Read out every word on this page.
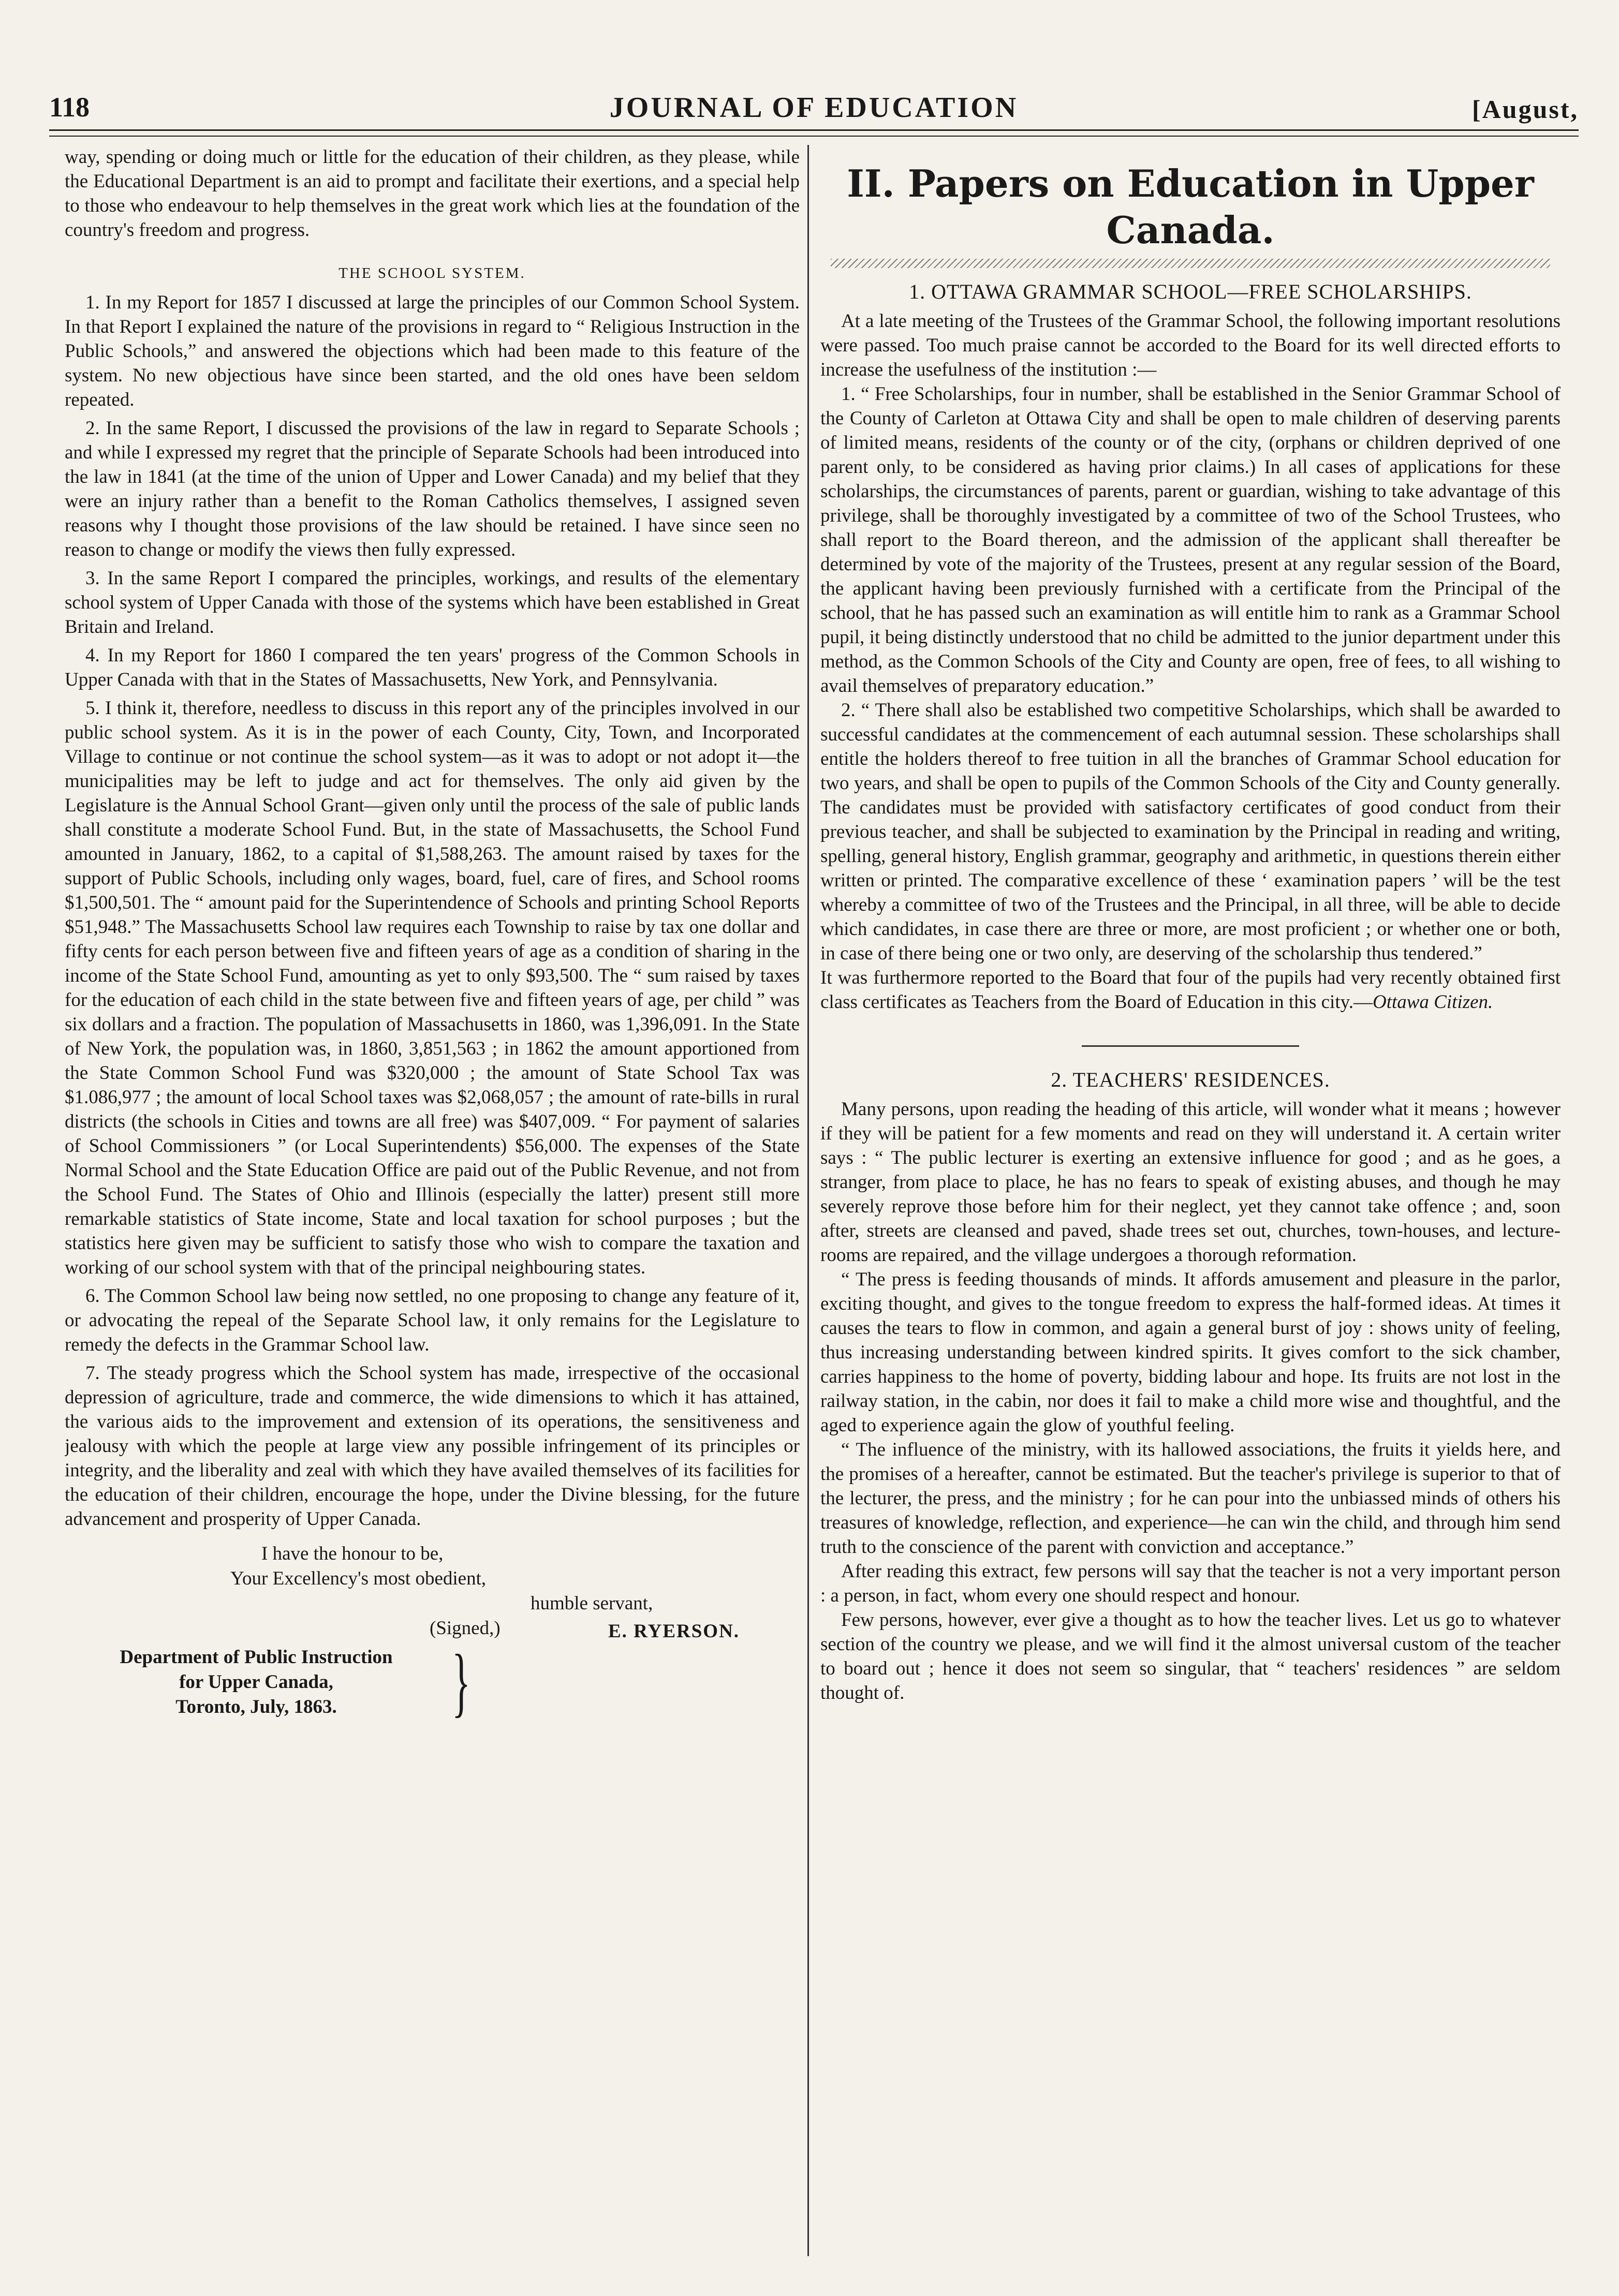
118	JOURNAL OF EDUCATION	[August,

way, spending or doing much or little for the education of their children, as they please, while the Educational Department is an aid to prompt and facilitate their exertions, and a special help to those who endeavour to help themselves in the great work which lies at the foundation of the country's freedom and progress.

THE SCHOOL SYSTEM.

1. In my Report for 1857 I discussed at large the principles of our Common School System. In that Report I explained the nature of the provisions in regard to “ Religious Instruction in the Public Schools,” and answered the objections which had been made to this feature of the system. No new objectious have since been started, and the old ones have been seldom repeated.

2. In the same Report, I discussed the provisions of the law in regard to Separate Schools ; and while I expressed my regret that the principle of Separate Schools had been introduced into the law in 1841 (at the time of the union of Upper and Lower Canada) and my belief that they were an injury rather than a benefit to the Roman Catholics themselves, I assigned seven reasons why I thought those provisions of the law should be retained. I have since seen no reason to change or modify the views then fully expressed.

3. In the same Report I compared the principles, workings, and results of the elementary school system of Upper Canada with those of the systems which have been established in Great Britain and Ireland.

4. In my Report for 1860 I compared the ten years' progress of the Common Schools in Upper Canada with that in the States of Massachusetts, New York, and Pennsylvania.

5. I think it, therefore, needless to discuss in this report any of the principles involved in our public school system. As it is in the power of each County, City, Town, and Incorporated Village to continue or not continue the school system—as it was to adopt or not adopt it—the municipalities may be left to judge and act for themselves. The only aid given by the Legislature is the Annual School Grant—given only until the process of the sale of public lands shall constitute a moderate School Fund. But, in the state of Massachusetts, the School Fund amounted in January, 1862, to a capital of $1,588,263. The amount raised by taxes for the support of Public Schools, including only wages, board, fuel, care of fires, and School rooms $1,500,501. The “ amount paid for the Superintendence of Schools and printing School Reports $51,948.” The Massachusetts School law requires each Township to raise by tax one dollar and fifty cents for each person between five and fifteen years of age as a condition of sharing in the income of the State School Fund, amounting as yet to only $93,500. The “ sum raised by taxes for the education of each child in the state between five and fifteen years of age, per child ” was six dollars and a fraction. The population of Massachusetts in 1860, was 1,396,091. In the State of New York, the population was, in 1860, 3,851,563 ; in 1862 the amount apportioned from the State Common School Fund was $320,000 ; the amount of State School Tax was $1.086,977 ; the amount of local School taxes was $2,068,057 ; the amount of rate-bills in rural districts (the schools in Cities and towns are all free) was $407,009. “ For payment of salaries of School Commissioners ” (or Local Superintendents) $56,000. The expenses of the State Normal School and the State Education Office are paid out of the Public Revenue, and not from the School Fund. The States of Ohio and Illinois (especially the latter) present still more remarkable statistics of State income, State and local taxation for school purposes ; but the statistics here given may be sufficient to satisfy those who wish to compare the taxation and working of our school system with that of the principal neighbouring states.

6. The Common School law being now settled, no one proposing to change any feature of it, or advocating the repeal of the Separate School law, it only remains for the Legislature to remedy the defects in the Grammar School law.

7. The steady progress which the School system has made, irrespective of the occasional depression of agriculture, trade and commerce, the wide dimensions to which it has attained, the various aids to the improvement and extension of its operations, the sensitiveness and jealousy with which the people at large view any possible infringement of its principles or integrity, and the liberality and zeal with which they have availed themselves of its facilities for the education of their children, encourage the hope, under the Divine blessing, for the future advancement and prosperity of Upper Canada.

I have the honour to be,
Your Excellency's most obedient,
humble servant,
(Signed,)	E. RYERSON.
Department of Public Instruction
for Upper Canada,
Toronto, July, 1863.	}
II. Papers on Education in Upper Canada.
1. OTTAWA GRAMMAR SCHOOL—FREE SCHOLARSHIPS.

At a late meeting of the Trustees of the Grammar School, the following important resolutions were passed. Too much praise cannot be accorded to the Board for its well directed efforts to increase the usefulness of the institution :—

1. “ Free Scholarships, four in number, shall be established in the Senior Grammar School of the County of Carleton at Ottawa City and shall be open to male children of deserving parents of limited means, residents of the county or of the city, (orphans or children deprived of one parent only, to be considered as having prior claims.) In all cases of applications for these scholarships, the circumstances of parents, parent or guardian, wishing to take advantage of this privilege, shall be thoroughly investigated by a committee of two of the School Trustees, who shall report to the Board thereon, and the admission of the applicant shall thereafter be determined by vote of the majority of the Trustees, present at any regular session of the Board, the applicant having been previously furnished with a certificate from the Principal of the school, that he has passed such an examination as will entitle him to rank as a Grammar School pupil, it being distinctly understood that no child be admitted to the junior department under this method, as the Common Schools of the City and County are open, free of fees, to all wishing to avail themselves of preparatory education.”

2. “ There shall also be established two competitive Scholarships, which shall be awarded to successful candidates at the commencement of each autumnal session. These scholarships shall entitle the holders thereof to free tuition in all the branches of Grammar School education for two years, and shall be open to pupils of the Common Schools of the City and County generally. The candidates must be provided with satisfactory certificates of good conduct from their previous teacher, and shall be subjected to examination by the Principal in reading and writing, spelling, general history, English grammar, geography and arithmetic, in questions therein either written or printed. The comparative excellence of these ‘ examination papers ’ will be the test whereby a committee of two of the Trustees and the Principal, in all three, will be able to decide which candidates, in case there are three or more, are most proficient ; or whether one or both, in case of there being one or two only, are deserving of the scholarship thus tendered.”

It was furthermore reported to the Board that four of the pupils had very recently obtained first class certificates as Teachers from the Board of Education in this city.—Ottawa Citizen.

2. TEACHERS' RESIDENCES.

Many persons, upon reading the heading of this article, will wonder what it means ; however if they will be patient for a few moments and read on they will understand it. A certain writer says : “ The public lecturer is exerting an extensive influence for good ; and as he goes, a stranger, from place to place, he has no fears to speak of existing abuses, and though he may severely reprove those before him for their neglect, yet they cannot take offence ; and, soon after, streets are cleansed and paved, shade trees set out, churches, town-houses, and lecture-rooms are repaired, and the village undergoes a thorough reformation.

“ The press is feeding thousands of minds. It affords amusement and pleasure in the parlor, exciting thought, and gives to the tongue freedom to express the half-formed ideas. At times it causes the tears to flow in common, and again a general burst of joy : shows unity of feeling, thus increasing understanding between kindred spirits. It gives comfort to the sick chamber, carries happiness to the home of poverty, bidding labour and hope. Its fruits are not lost in the railway station, in the cabin, nor does it fail to make a child more wise and thoughtful, and the aged to experience again the glow of youthful feeling.

“ The influence of the ministry, with its hallowed associations, the fruits it yields here, and the promises of a hereafter, cannot be estimated. But the teacher's privilege is superior to that of the lecturer, the press, and the ministry ; for he can pour into the unbiassed minds of others his treasures of knowledge, reflection, and experience—he can win the child, and through him send truth to the conscience of the parent with conviction and acceptance.”

After reading this extract, few persons will say that the teacher is not a very important person : a person, in fact, whom every one should respect and honour.

Few persons, however, ever give a thought as to how the teacher lives. Let us go to whatever section of the country we please, and we will find it the almost universal custom of the teacher to board out ; hence it does not seem so singular, that “ teachers' residences ” are seldom thought of.
